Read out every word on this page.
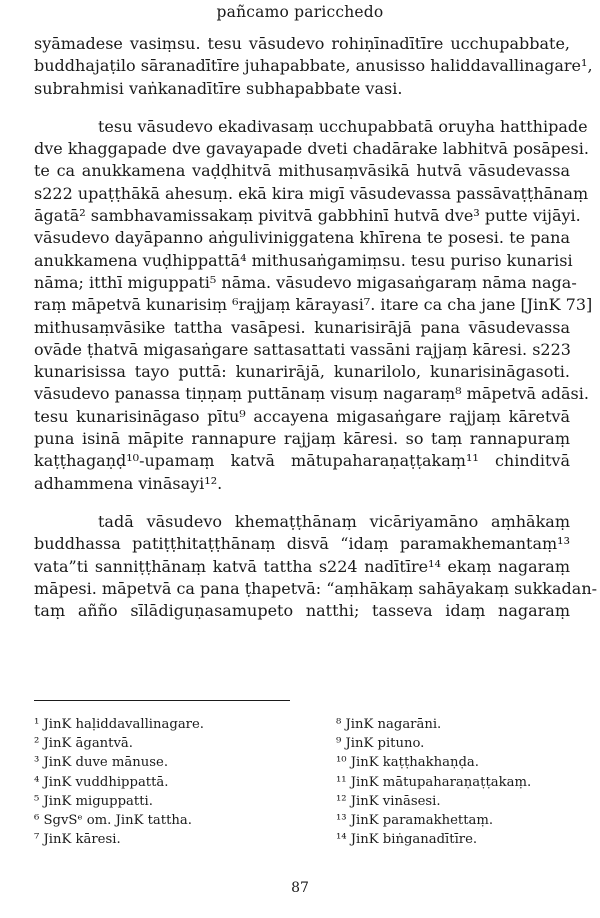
pañcamo paricchedo
syāmadese vasiṃsu. tesu vāsudevo rohiṇīnadītīre ucchupabbate,
buddhajaṭilo sāranadītīre juhapabbate, anusisso haliddavallinagare¹,
subrahmisi vaṅkanadītīre subhapabbate vasi.
tesu vāsudevo ekadivasaṃ ucchupabbatā oruyha hatthipade
dve khaggapade dve gavayapade dveti chadārake labhitvā posāpesi.
te ca anukkamena vaḍḍhitvā mithusaṃvāsikā hutvā vāsudevassa
s222 upaṭṭhākā ahesuṃ. ekā kira migī vāsudevassa passāvaṭṭhānaṃ
āgatā² sambhavamissakaṃ pivitvā gabbhinī hutvā dve³ putte vijāyi.
vāsudevo dayāpanno aṅguliviniggatena khīrena te posesi. te pana
anukkamena vuḍhippattā⁴ mithusaṅgamiṃsu. tesu puriso kunarisi
nāma; itthī miguppati⁵ nāma. vāsudevo migasaṅgaraṃ nāma naga-
raṃ māpetvā kunarisiṃ ⁶rajjaṃ kārayasi⁷. itare ca cha jane [JinK 73]
mithusaṃvāsike tattha vasāpesi. kunarisirājā pana vāsudevassa
ovāde ṭhatvā migasaṅgare sattasattati vassāni rajjaṃ kāresi. s223
kunarisissa tayo puttā: kunarirājā, kunarilolo, kunarisināgasoti.
vāsudevo panassa tiṇṇaṃ puttānaṃ visuṃ nagaraṃ⁸ māpetvā adāsi.
tesu kunarisināgaso pītu⁹ accayena migasaṅgare rajjaṃ kāretvā
puna isinā māpite rannapure rajjaṃ kāresi. so taṃ rannapuraṃ
kaṭṭhagaṇḍ¹⁰-upamaṃ katvā mātupaharaṇaṭṭakaṃ¹¹ chinditvā
adhammena vināsayi¹².
tadā vāsudevo khemaṭṭhānaṃ vicāriyamāno aṃhākaṃ
buddhassa patiṭṭhitaṭṭhānaṃ disvā “idaṃ paramakhemantaṃ¹³
vata”ti sanniṭṭhānaṃ katvā tattha s224 nadītīre¹⁴ ekaṃ nagaraṃ
māpesi. māpetvā ca pana ṭhapetvā: “aṃhākaṃ sahāyakaṃ sukkadan-
taṃ añño sīlādiguṇasamupeto natthi; tasseva idaṃ nagaraṃ
¹ JinK haḷiddavallinagare.
² JinK āgantvā.
³ JinK duve mānuse.
⁴ JinK vuddhippattā.
⁵ JinK miguppatti.
⁶ SgvSᵉ om. JinK tattha.
⁷ JinK kāresi.
⁸ JinK nagarāni.
⁹ JinK pituno.
¹⁰ JinK kaṭṭhakhaṇḍa.
¹¹ JinK mātupaharaṇaṭṭakaṃ.
¹² JinK vināsesi.
¹³ JinK paramakhettaṃ.
¹⁴ JinK biṅganadītīre.
87
